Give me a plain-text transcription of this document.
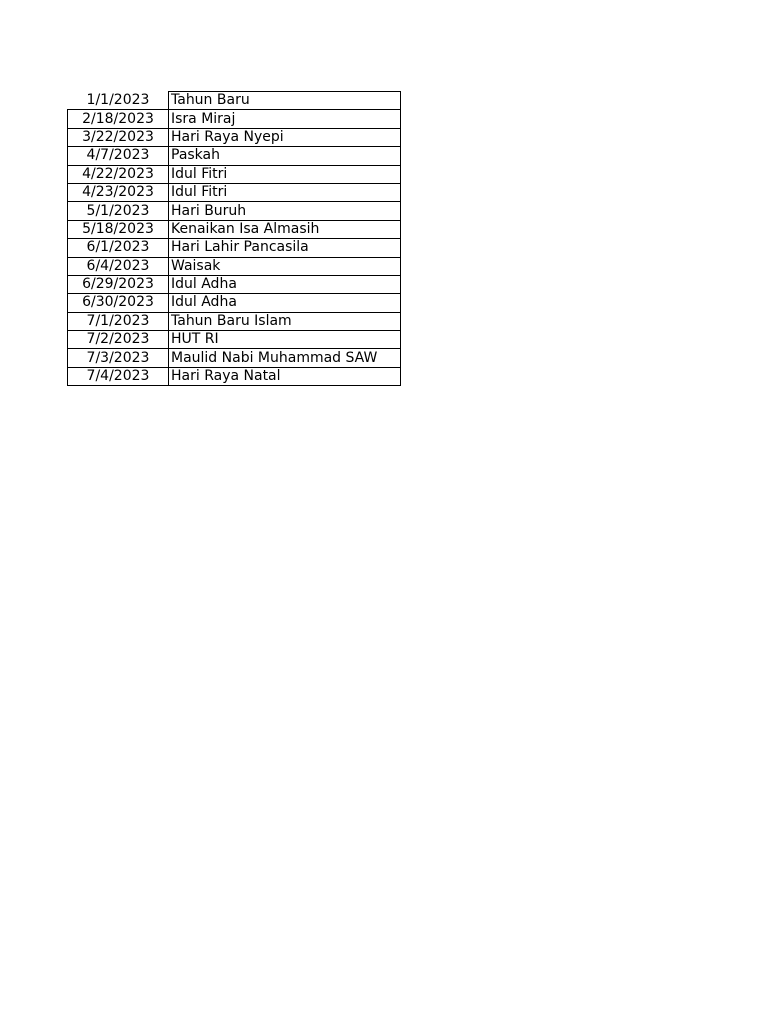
1/1/2023	Tahun Baru
2/18/2023	Isra Miraj
3/22/2023	Hari Raya Nyepi
4/7/2023	Paskah
4/22/2023	Idul Fitri
4/23/2023	Idul Fitri
5/1/2023	Hari Buruh
5/18/2023	Kenaikan Isa Almasih
6/1/2023	Hari Lahir Pancasila
6/4/2023	Waisak
6/29/2023	Idul Adha
6/30/2023	Idul Adha
7/1/2023	Tahun Baru Islam
7/2/2023	HUT RI
7/3/2023	Maulid Nabi Muhammad SAW
7/4/2023	Hari Raya Natal
